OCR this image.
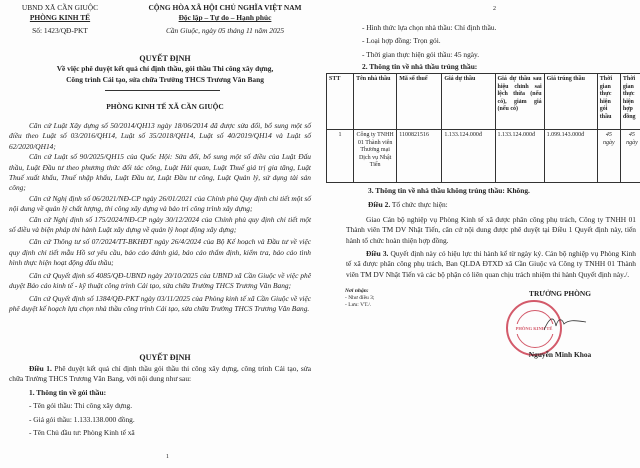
UBND XÃ CẦN GIUỘC
PHÒNG KINH TẾ
Số: 1423/QĐ-PKT
CỘNG HÒA XÃ HỘI CHỦ NGHĨA VIỆT NAM
Độc lập – Tự do – Hạnh phúc
Cần Giuộc, ngày 05 tháng 11 năm 2025
QUYẾT ĐỊNH
Về việc phê duyệt kết quả chỉ định thầu, gói thầu Thi công xây dựng,
Công trình Cải tạo, sửa chữa Trường THCS Trương Văn Bang
PHÒNG KINH TẾ XÃ CẦN GIUỘC

Căn cứ Luật Xây dựng số 50/2014/QH13 ngày 18/06/2014 đã được sửa đổi, bổ sung một số điều theo Luật số 03/2016/QH14, Luật số 35/2018/QH14, Luật số 40/2019/QH14 và Luật số 62/2020/QH14;

Căn cứ Luật số 90/2025/QH15 của Quốc Hội: Sửa đổi, bổ sung một số điều của Luật Đấu thầu, Luật Đầu tư theo phương thức đối tác công, Luật Hải quan, Luật Thuế giá trị gia tăng, Luật Thuế xuất khẩu, Thuế nhập khẩu, Luật Đầu tư, Luật Đầu tư công, Luật Quản lý, sử dụng tài sản công;

Căn cứ Nghị định số 06/2021/NĐ-CP ngày 26/01/2021 của Chính phủ Quy định chi tiết một số nội dung về quản lý chất lượng, thi công xây dựng và bảo trì công trình xây dựng;

Căn cứ Nghị định số 175/2024/NĐ-CP ngày 30/12/2024 của Chính phủ quy định chi tiết một số điều và biện pháp thi hành Luật xây dựng về quản lý hoạt động xây dựng;

Căn cứ Thông tư số 07/2024/TT-BKHĐT ngày 26/4/2024 của Bộ Kế hoạch và Đầu tư về việc quy định chi tiết mẫu Hồ sơ yêu cầu, báo cáo đánh giá, báo cáo thẩm định, kiểm tra, báo cáo tình hình thực hiện hoạt động đấu thầu;

Căn cứ Quyết định số 4085/QĐ-UBND ngày 20/10/2025 của UBND xã Cần Giuộc về việc phê duyệt Báo cáo kinh tế - kỹ thuật công trình Cải tạo, sửa chữa Trường THCS Trương Văn Bang;

Căn cứ Quyết định số 1384/QĐ-PKT ngày 03/11/2025 của Phòng kinh tế xã Cần Giuộc về việc phê duyệt kế hoạch lựa chọn nhà thầu công trình Cải tạo, sửa chữa Trường THCS Trương Văn Bang.

QUYẾT ĐỊNH

Điều 1. Phê duyệt kết quả chỉ định thầu gói thầu thi công xây dựng, công trình Cải tạo, sửa chữa Trường THCS Trương Văn Bang, với nội dung như sau:

1. Thông tin về gói thầu:

- Tên gói thầu: Thi công xây dựng.

- Giá gói thầu: 1.133.138.000 đồng.

- Tên Chủ đầu tư: Phòng Kinh tế xã

1
2

- Hình thức lựa chọn nhà thầu: Chỉ định thầu.

- Loại hợp đồng: Trọn gói.

- Thời gian thực hiện gói thầu: 45 ngày.

2. Thông tin về nhà thầu trúng thầu:

STT	Tên nhà thầu	Mã số thuế	Giá dự thầu	Giá dự thầu sau hiệu chỉnh sai lệch thừa (nếu có), giảm giá (nếu có)	Giá trúng thầu	Thời gian thực hiện gói thầu	Thời gian thực hiện hợp đồng
1	Công ty TNHH 01 Thành viên Thương mại Dịch vụ Nhật Tiến	1100821516	1.133.124.000đ	1.133.124.000đ	1.099.143.000đ	45 ngày	45 ngày

3. Thông tin về nhà thầu không trúng thầu: Không.

Điều 2. Tổ chức thực hiện:

Giao Cán bộ nghiệp vụ Phòng Kinh tế xã được phân công phụ trách, Công ty TNHH 01 Thành viên TM DV Nhật Tiến, căn cứ nội dung được phê duyệt tại Điều 1 Quyết định này, tiến hành tổ chức hoàn thiện hợp đồng.

Điều 3. Quyết định này có hiệu lực thi hành kể từ ngày ký. Cán bộ nghiệp vụ Phòng Kinh tế xã được phân công phụ trách, Ban QLDA ĐTXD xã Cần Giuộc và Công ty TNHH 01 Thành viên TM DV Nhật Tiến và các bộ phận có liên quan chịu trách nhiệm thi hành Quyết định này./.

Nơi nhận:
- Như điều 3;
- Lưu: VT./.
TRƯỞNG PHÒNG
PHÒNG KINH TẾ
Nguyễn Minh Khoa
